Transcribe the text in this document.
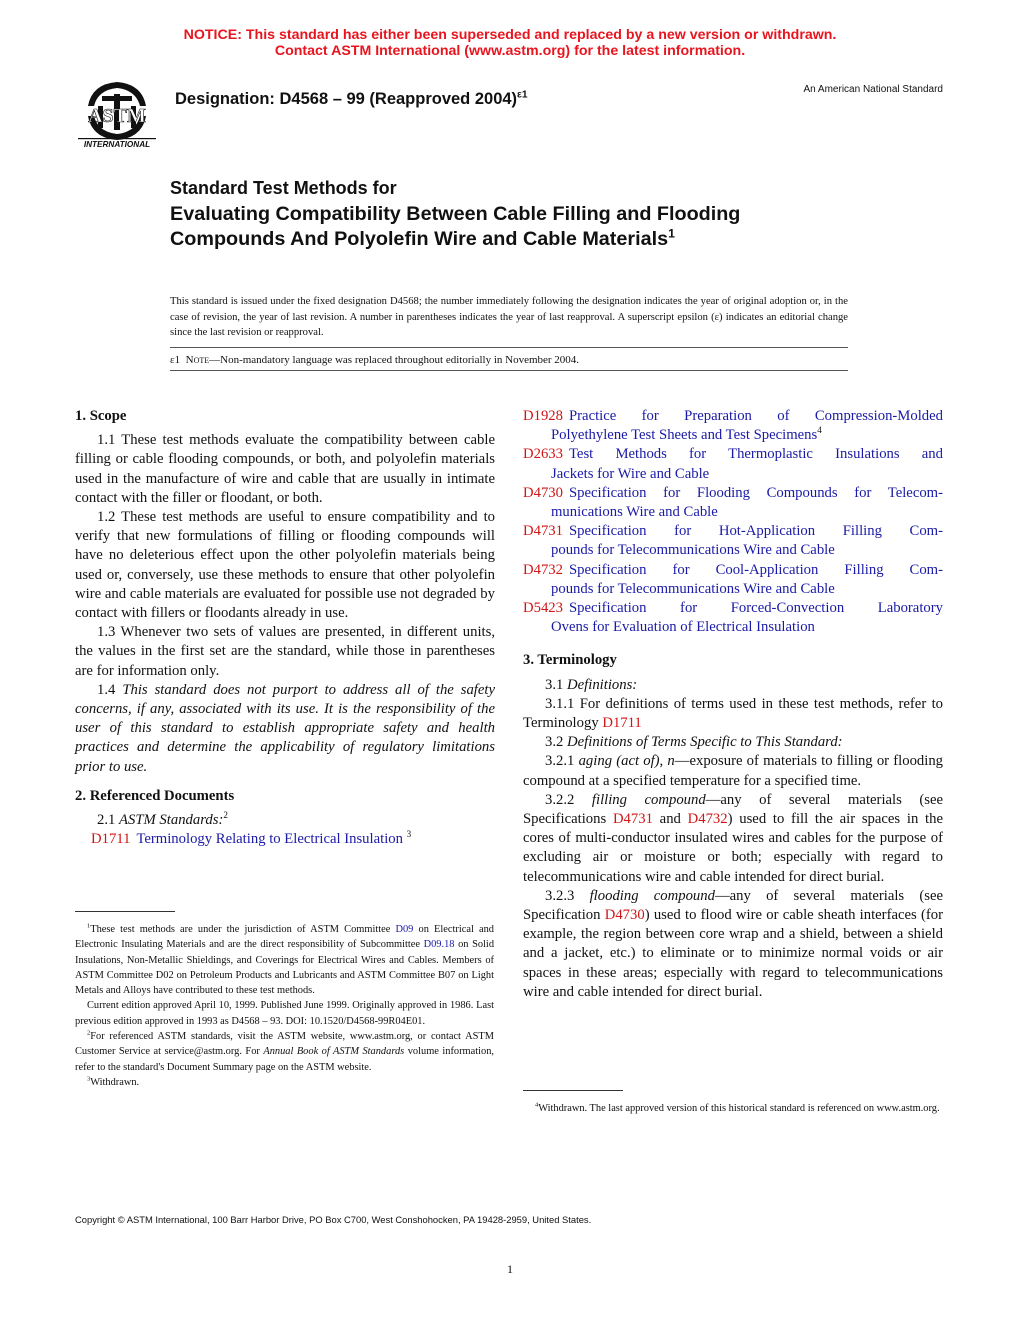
NOTICE: This standard has either been superseded and replaced by a new version or withdrawn.
Contact ASTM International (www.astm.org) for the latest information.
ASTM
INTERNATIONAL
Designation: D4568 – 99 (Reapproved 2004)$^{\varepsilon 1}$	An American National Standard
Standard Test Methods for
Evaluating Compatibility Between Cable Filling and Flooding Compounds And Polyolefin Wire and Cable Materials$^1$
This standard is issued under the fixed designation D4568; the number immediately following the designation indicates the year of original adoption or, in the case of revision, the year of last revision. A number in parentheses indicates the year of last reapproval. A superscript epsilon (ε) indicates an editorial change since the last revision or reapproval.
ε1 Note—Non-mandatory language was replaced throughout editorially in November 2004.
1. Scope

1.1 These test methods evaluate the compatibility between cable filling or cable flooding compounds, or both, and polyolefin materials used in the manufacture of wire and cable that are usually in intimate contact with the filler or floodant, or both.

1.2 These test methods are useful to ensure compatibility and to verify that new formulations of filling or flooding compounds will have no deleterious effect upon the other polyolefin materials being used or, conversely, use these methods to ensure that other polyolefin wire and cable materials are evaluated for possible use not degraded by contact with fillers or floodants already in use.

1.3 Whenever two sets of values are presented, in different units, the values in the first set are the standard, while those in parentheses are for information only.

1.4 This standard does not purport to address all of the safety concerns, if any, associated with its use. It is the responsibility of the user of this standard to establish appropriate safety and health practices and determine the applicability of regulatory limitations prior to use.

2. Referenced Documents

2.1 ASTM Standards:$^2$

D1711 Terminology Relating to Electrical Insulation $^3$

$^1$These test methods are under the jurisdiction of ASTM Committee D09 on Electrical and Electronic Insulating Materials and are the direct responsibility of Subcommittee D09.18 on Solid Insulations, Non-Metallic Shieldings, and Coverings for Electrical Wires and Cables. Members of ASTM Committee D02 on Petroleum Products and Lubricants and ASTM Committee B07 on Light Metals and Alloys have contributed to these test methods.

Current edition approved April 10, 1999. Published June 1999. Originally approved in 1986. Last previous edition approved in 1993 as D4568 – 93. DOI: 10.1520/D4568-99R04E01.

$^2$For referenced ASTM standards, visit the ASTM website, www.astm.org, or contact ASTM Customer Service at service@astm.org. For Annual Book of ASTM Standards volume information, refer to the standard's Document Summary page on the ASTM website.

$^3$Withdrawn.

D1928 Practice for Preparation of Compression-Molded
Polyethylene Test Sheets and Test Specimens$^4$
D2633 Test Methods for Thermoplastic Insulations and
Jackets for Wire and Cable
D4730 Specification for Flooding Compounds for Telecom-
munications Wire and Cable
D4731 Specification for Hot-Application Filling Com-
pounds for Telecommunications Wire and Cable
D4732 Specification for Cool-Application Filling Com-
pounds for Telecommunications Wire and Cable
D5423 Specification for Forced-Convection Laboratory
Ovens for Evaluation of Electrical Insulation
3. Terminology

3.1 Definitions:

3.1.1 For definitions of terms used in these test methods, refer to Terminology D1711

3.2 Definitions of Terms Specific to This Standard:

3.2.1 aging (act of), n—exposure of materials to filling or flooding compound at a specified temperature for a specified time.

3.2.2 filling compound—any of several materials (see Specifications D4731 and D4732) used to fill the air spaces in the cores of multi-conductor insulated wires and cables for the purpose of excluding air or moisture or both; especially with regard to telecommunications wire and cable intended for direct burial.

3.2.3 flooding compound—any of several materials (see Specification D4730) used to flood wire or cable sheath interfaces (for example, the region between core wrap and a shield, between a shield and a jacket, etc.) to eliminate or to minimize normal voids or air spaces in these areas; especially with regard to telecommunications wire and cable intended for direct burial.

$^4$Withdrawn. The last approved version of this historical standard is referenced on www.astm.org.

Copyright © ASTM International, 100 Barr Harbor Drive, PO Box C700, West Conshohocken, PA 19428-2959, United States.
1
